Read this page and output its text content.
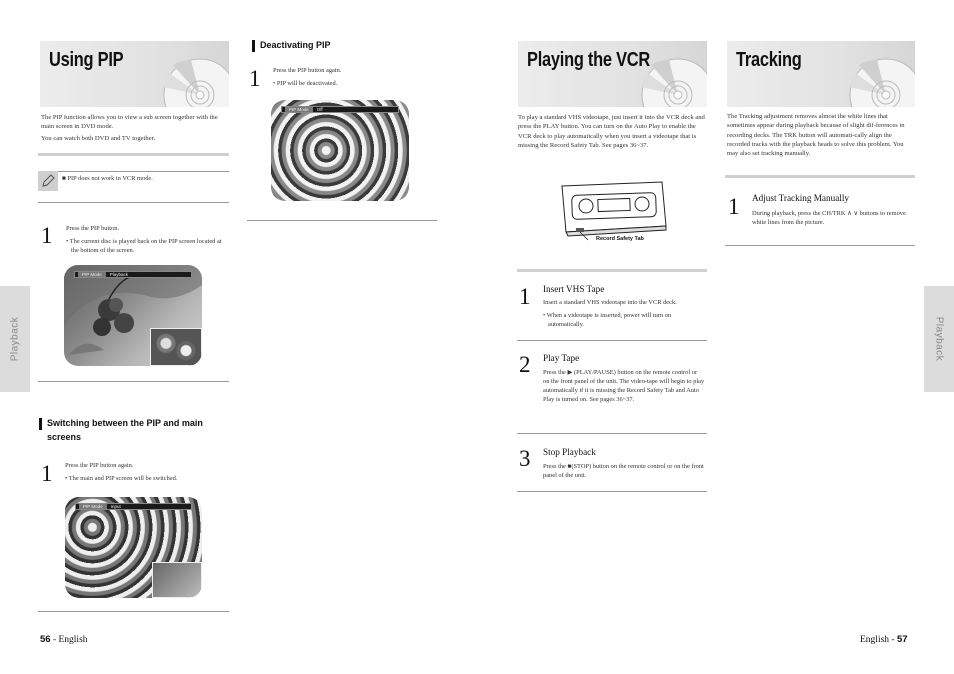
Using PIP
The PIP function allows you to view a sub screen together with the main screen in DVD mode.
You can watch both DVD and TV together.
■ PIP does not work in VCR mode.
1 Press the PIP button.
• The current disc is played back on the PIP screen located at the bottom of the screen.
PIP Mode Playback
Switching between the PIP and main screens
1 Press the PIP button again.
• The main and PIP screen will be switched.
PIP Mode Input
Deactivating PIP
1 Press the PIP button again.
• PIP will be deactivated.
PIP Mode Off
Playback
56 - English
Playing the VCR
To play a standard VHS videotape, just insert it into the VCR deck and press the PLAY button. You can turn on the Auto Play to enable the VCR deck to play automatically when you insert a videotape that is missing the Record Safety Tab. See pages 36~37.
Record Safety Tab
1 Insert VHS Tape
Insert a standard VHS videotape into the VCR deck.
• When a videotape is inserted, power will turn on automatically.
2 Play Tape
Press the ▶ (PLAY/PAUSE) button on the remote control or on the front panel of the unit. The video-tape will begin to play automatically if it is missing the Record Safety Tab and Auto Play is turned on. See pages 36~37.
3 Stop Playback
Press the ■(STOP) button on the remote control or on the front panel of the unit.
Tracking
The Tracking adjustment removes almost the white lines that sometimes appear during playback because of slight dif-ferences in recording decks. The TRK button will automati-cally align the recorded tracks with the playback heads to solve this problem. You may also set tracking manually.
1 Adjust Tracking Manually
During playback, press the CH/TRK ∧ ∨ buttons to remove white lines from the picture.
Playback
English - 57
